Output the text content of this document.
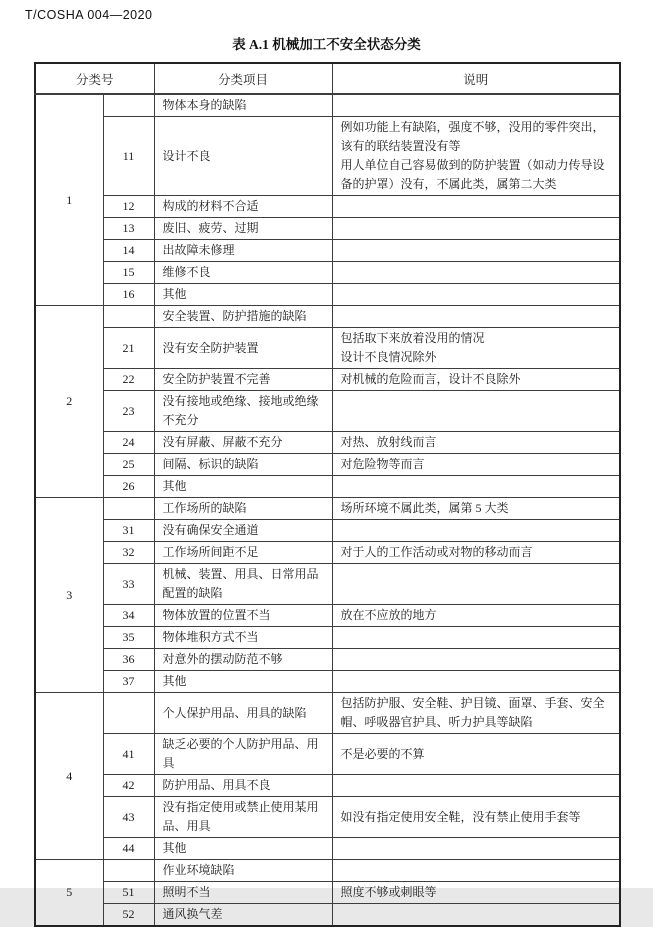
T/COSHA 004—2020
表 A.1 机械加工不安全状态分类
分类号		分类项目	说明
1		物体本身的缺陷	
	11	设计不良	例如功能上有缺陷，强度不够，没用的零件突出，该有的联结装置没有等
用人单位自己容易做到的防护装置（如动力传导设备的护罩）没有，不属此类，属第二大类

	12	构成的材料不合适	
	13	废旧、疲劳、过期	
	14	出故障未修理	
	15	维修不良	
	16	其他	
2		安全装置、防护措施的缺陷	
	21	没有安全防护装置	包括取下来放着没用的情况
设计不良情况除外

	22	安全防护装置不完善	对机械的危险而言，设计不良除外

	23	没有接地或绝缘、接地或绝缘不充分	
	24	没有屏蔽、屏蔽不充分	对热、放射线而言

	25	间隔、标识的缺陷	对危险物等而言

	26	其他	
3		工作场所的缺陷	场所环境不属此类，属第 5 大类

	31	没有确保安全通道	
	32	工作场所间距不足	对于人的工作活动或对物的移动而言

	33	机械、装置、用具、日常用品配置的缺陷	
	34	物体放置的位置不当	放在不应放的地方

	35	物体堆积方式不当	
	36	对意外的摆动防范不够	
	37	其他	
4		个人保护用品、用具的缺陷	包括防护服、安全鞋、护目镜、面罩、手套、安全帽、呼吸器官护具、听力护具等缺陷

	41	缺乏必要的个人防护用品、用具	不是必要的不算

	42	防护用品、用具不良	
	43	没有指定使用或禁止使用某用品、用具	如没有指定使用安全鞋，没有禁止使用手套等

	44	其他	
5		作业环境缺陷	
	51	照明不当	照度不够或刺眼等

	52	通风换气差	
